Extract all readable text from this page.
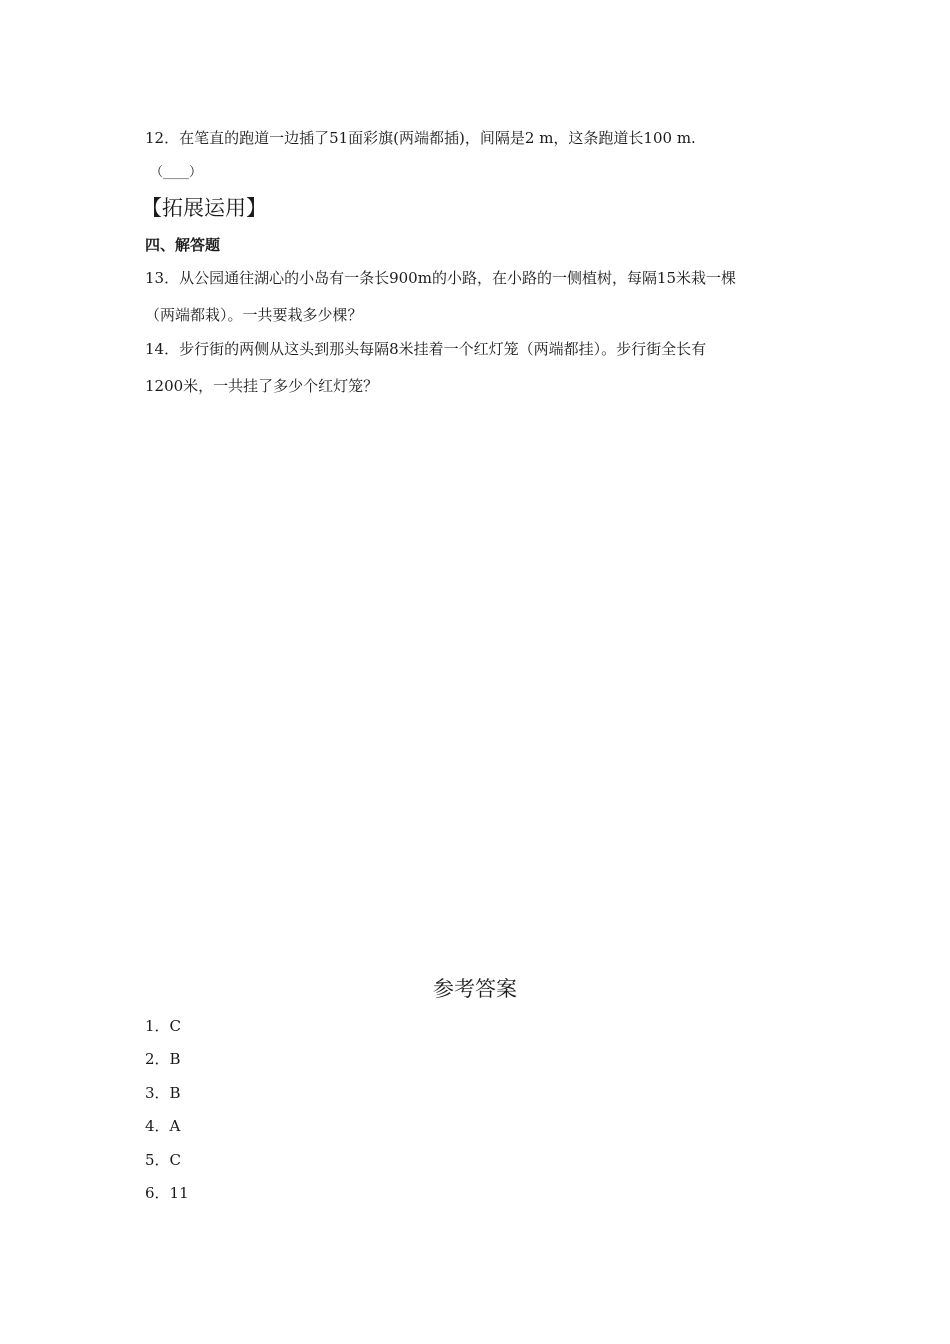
12．在笔直的跑道一边插了51面彩旗(两端都插)，间隔是2 m，这条跑道长100 m.
（____）
【拓展运用】
四、解答题
13．从公园通往湖心的小岛有一条长900m的小路，在小路的一侧植树，每隔15米栽一棵
（两端都栽）。一共要栽多少棵？
14．步行街的两侧从这头到那头每隔8米挂着一个红灯笼（两端都挂）。步行街全长有
1200米，一共挂了多少个红灯笼？
参考答案
1．C
2．B
3．B
4．A
5．C
6．11
